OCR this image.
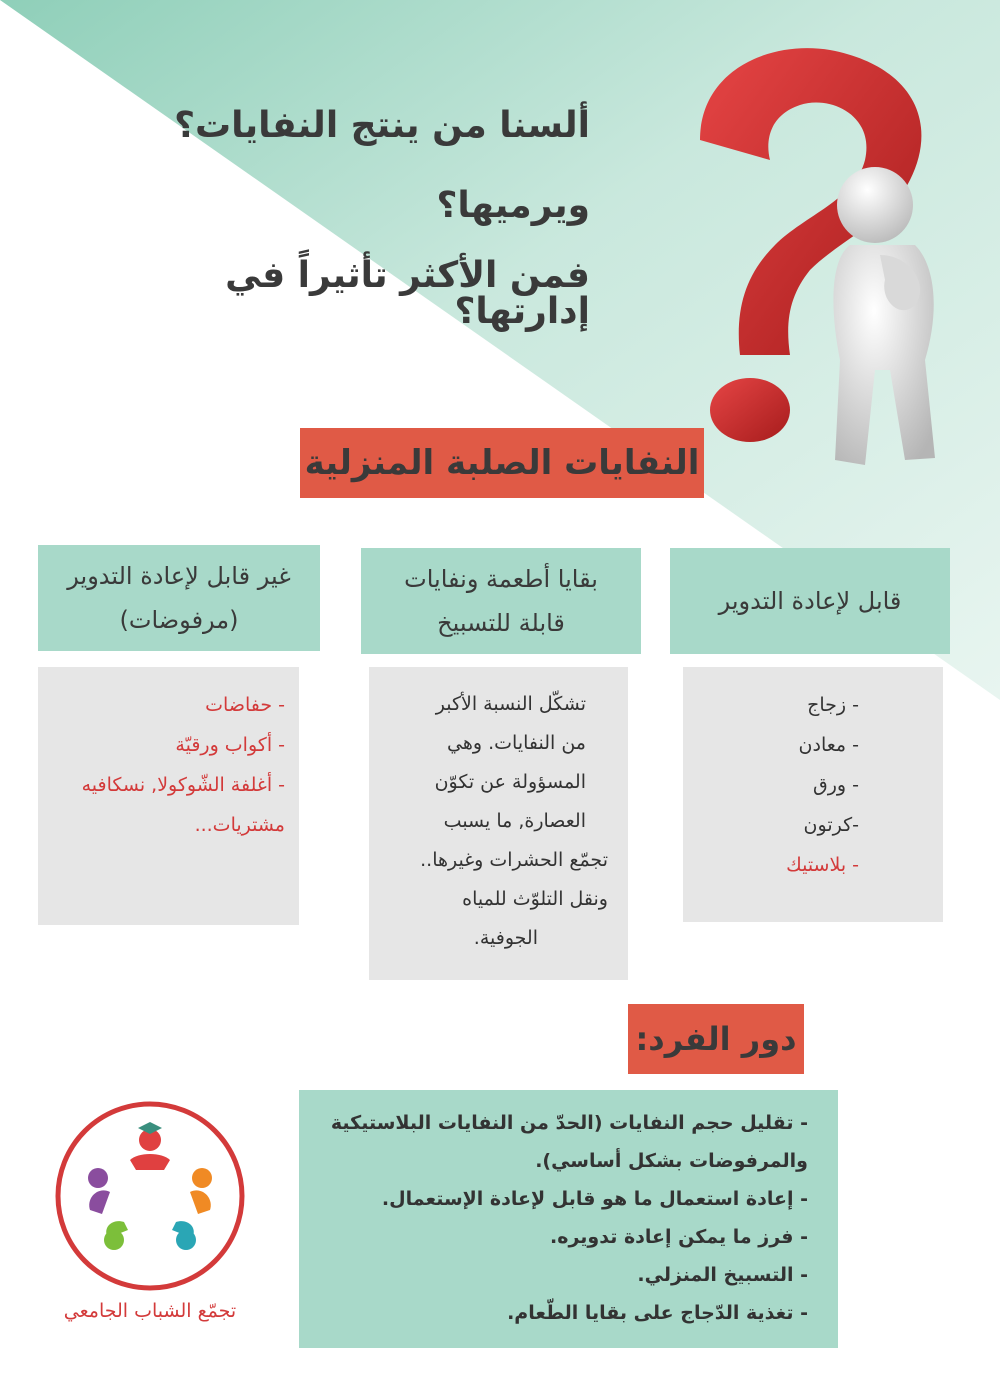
ألسنا من ينتج النفايات؟
ويرميها؟
فمن الأكثر تأثيراً في إدارتها؟
النفايات الصلبة المنزلية
قابل لإعادة التدوير
بقايا أطعمة ونفايات
قابلة للتسبيخ
غير قابل لإعادة التدوير
(مرفوضات)
- زجاج
- معادن
- ورق
-كرتون
- بلاستيك
تشكّل النسبة الأكبر
من النفايات. وهي
المسؤولة عن تكوّن
العصارة, ما يسبب
تجمّع الحشرات وغيرها..
ونقل التلوّث للمياه
الجوفية.
- حفاضات
- أكواب ورقيّة
- أغلفة الشّوكولا, نسكافيه
مشتريات...
دور الفرد:
- تقليل حجم النفايات (الحدّ من النفايات البلاستيكية
والمرفوضات بشكل أساسي).
- إعادة استعمال ما هو قابل لإعادة الإستعمال.
- فرز ما يمكن إعادة تدويره.
- التسبيخ المنزلي.
- تغذية الدّجاج على بقايا الطّعام.
تجمّع الشباب الجامعي
